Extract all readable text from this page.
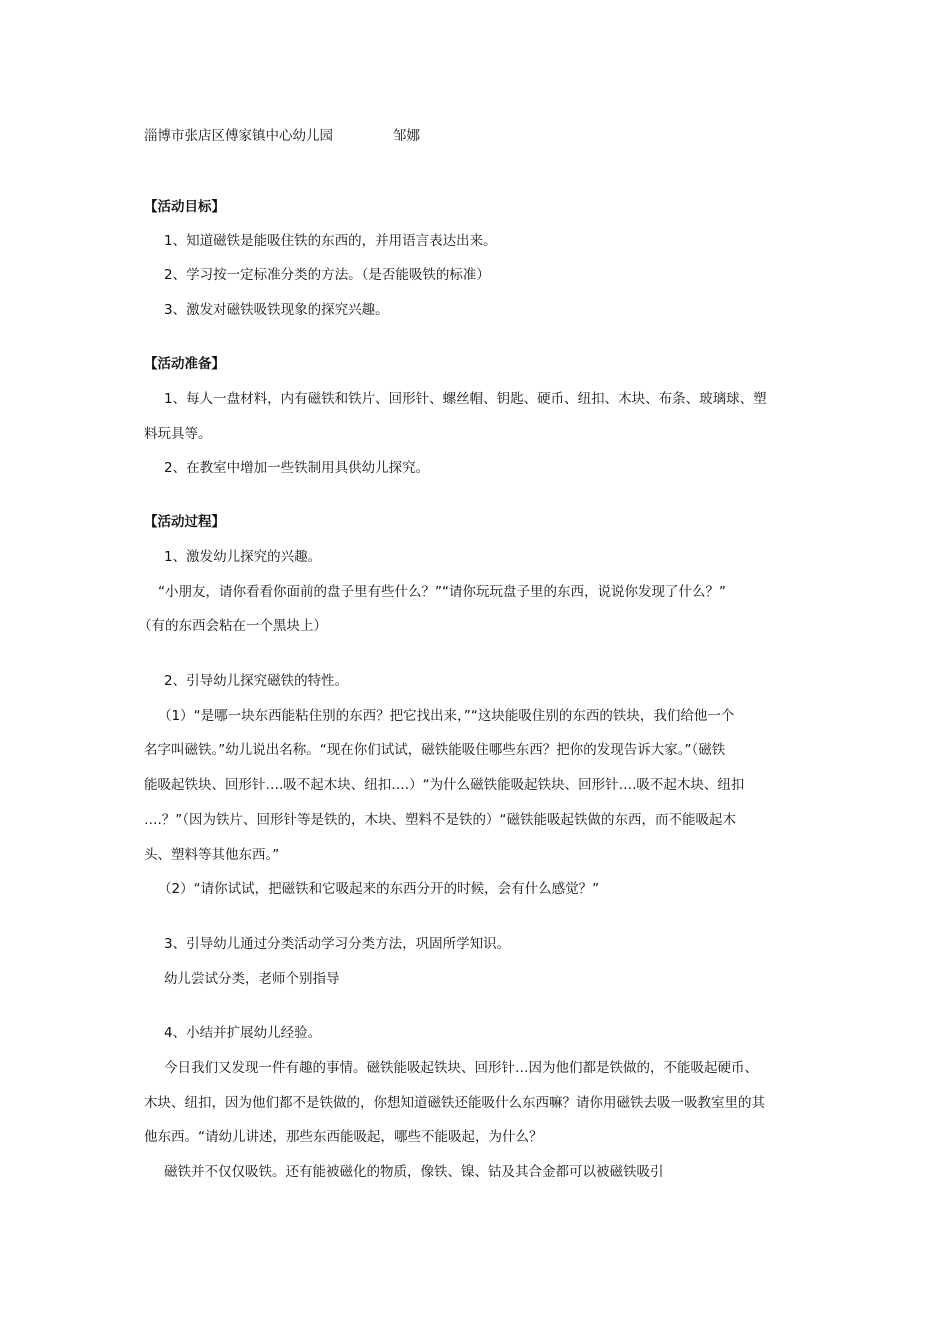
淄博市张店区傅家镇中心幼儿园	邹娜
【活动目标】
1、知道磁铁是能吸住铁的东西的，并用语言表达出来。
2、学习按一定标准分类的方法。（是否能吸铁的标准）
3、激发对磁铁吸铁现象的探究兴趣。
【活动准备】
1、每人一盘材料，内有磁铁和铁片、回形针、螺丝帽、钥匙、硬币、纽扣、木块、布条、玻璃球、塑
料玩具等。
2、在教室中增加一些铁制用具供幼儿探究。
【活动过程】
1、激发幼儿探究的兴趣。
“小朋友，请你看看你面前的盘子里有些什么？”“请你玩玩盘子里的东西，说说你发现了什么？”
（有的东西会粘在一个黑块上）
2、引导幼儿探究磁铁的特性。
（1）“是哪一块东西能粘住别的东西？把它找出来，”“这块能吸住别的东西的铁块，我们给他一个
名字叫磁铁。”幼儿说出名称。“现在你们试试，磁铁能吸住哪些东西？把你的发现告诉大家。”（磁铁
能吸起铁块、回形针….吸不起木块、纽扣….）“为什么磁铁能吸起铁块、回形针….吸不起木块、纽扣
….？”（因为铁片、回形针等是铁的，木块、塑料不是铁的）“磁铁能吸起铁做的东西，而不能吸起木
头、塑料等其他东西。”
（2）“请你试试，把磁铁和它吸起来的东西分开的时候，会有什么感觉？”
3、引导幼儿通过分类活动学习分类方法，巩固所学知识。
幼儿尝试分类，老师个别指导
4、小结并扩展幼儿经验。
今日我们又发现一件有趣的事情。磁铁能吸起铁块、回形针…因为他们都是铁做的，不能吸起硬币、
木块、纽扣，因为他们都不是铁做的，你想知道磁铁还能吸什么东西嘛？请你用磁铁去吸一吸教室里的其
他东西。“请幼儿讲述，那些东西能吸起，哪些不能吸起，为什么？
磁铁并不仅仅吸铁。还有能被磁化的物质，像铁、镍、钴及其合金都可以被磁铁吸引
